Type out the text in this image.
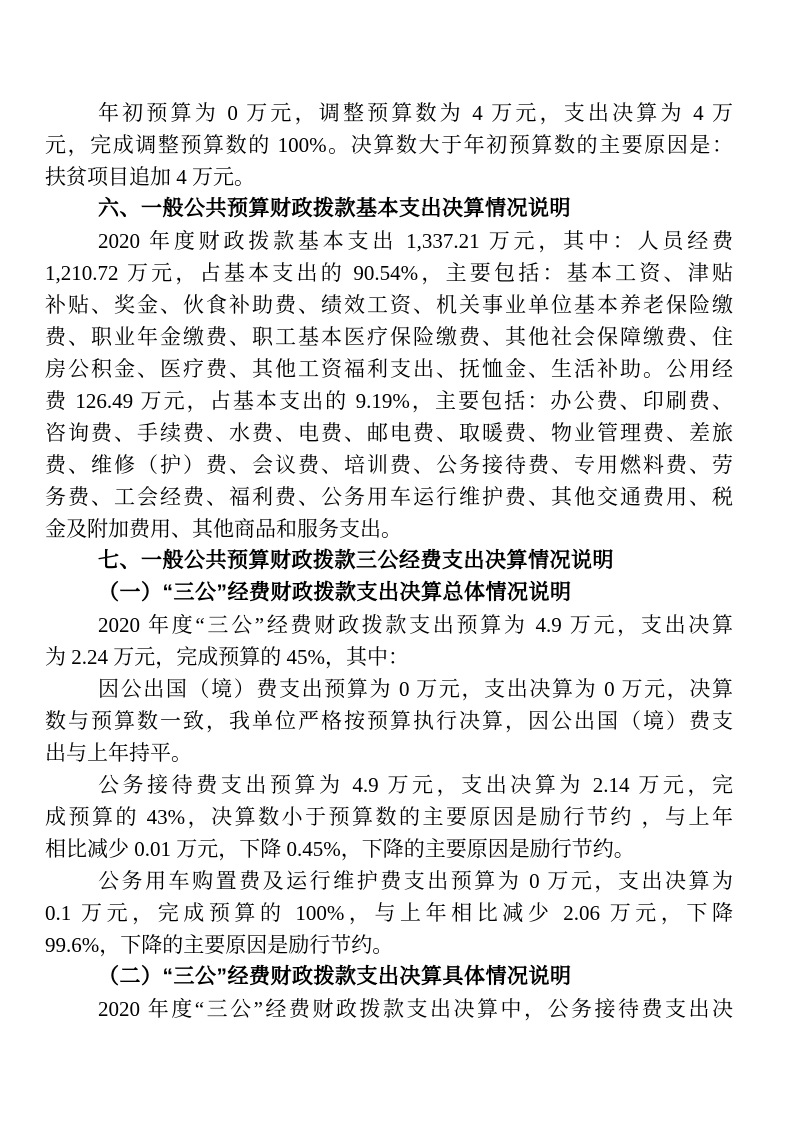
年初预算为 0 万元，调整预算数为 4 万元，支出决算为 4 万
元，完成调整预算数的 100%。决算数大于年初预算数的主要原因是：
扶贫项目追加 4 万元。
六、一般公共预算财政拨款基本支出决算情况说明
2020 年度财政拨款基本支出 1,337.21 万元，其中：人员经费
1,210.72 万元，占基本支出的 90.54%，主要包括：基本工资、津贴
补贴、奖金、伙食补助费、绩效工资、机关事业单位基本养老保险缴
费、职业年金缴费、职工基本医疗保险缴费、其他社会保障缴费、住
房公积金、医疗费、其他工资福利支出、抚恤金、生活补助。公用经
费 126.49 万元，占基本支出的 9.19%，主要包括：办公费、印刷费、
咨询费、手续费、水费、电费、邮电费、取暖费、物业管理费、差旅
费、维修（护）费、会议费、培训费、公务接待费、专用燃料费、劳
务费、工会经费、福利费、公务用车运行维护费、其他交通费用、税
金及附加费用、其他商品和服务支出。
七、一般公共预算财政拨款三公经费支出决算情况说明
（一）“三公”经费财政拨款支出决算总体情况说明
2020 年度“三公”经费财政拨款支出预算为 4.9 万元，支出决算
为 2.24 万元，完成预算的 45%，其中：
因公出国（境）费支出预算为 0 万元，支出决算为 0 万元，决算
数与预算数一致，我单位严格按预算执行决算，因公出国（境）费支
出与上年持平。
公务接待费支出预算为 4.9 万元，支出决算为 2.14 万元，完
成预算的 43%，决算数小于预算数的主要原因是励行节约 ，与上年
相比减少 0.01 万元，下降 0.45%，下降的主要原因是励行节约。
公务用车购置费及运行维护费支出预算为 0 万元，支出决算为
0.1 万元，完成预算的 100%，与上年相比减少 2.06 万元，下降
99.6%，下降的主要原因是励行节约。
（二）“三公”经费财政拨款支出决算具体情况说明
2020 年度“三公”经费财政拨款支出决算中，公务接待费支出决
